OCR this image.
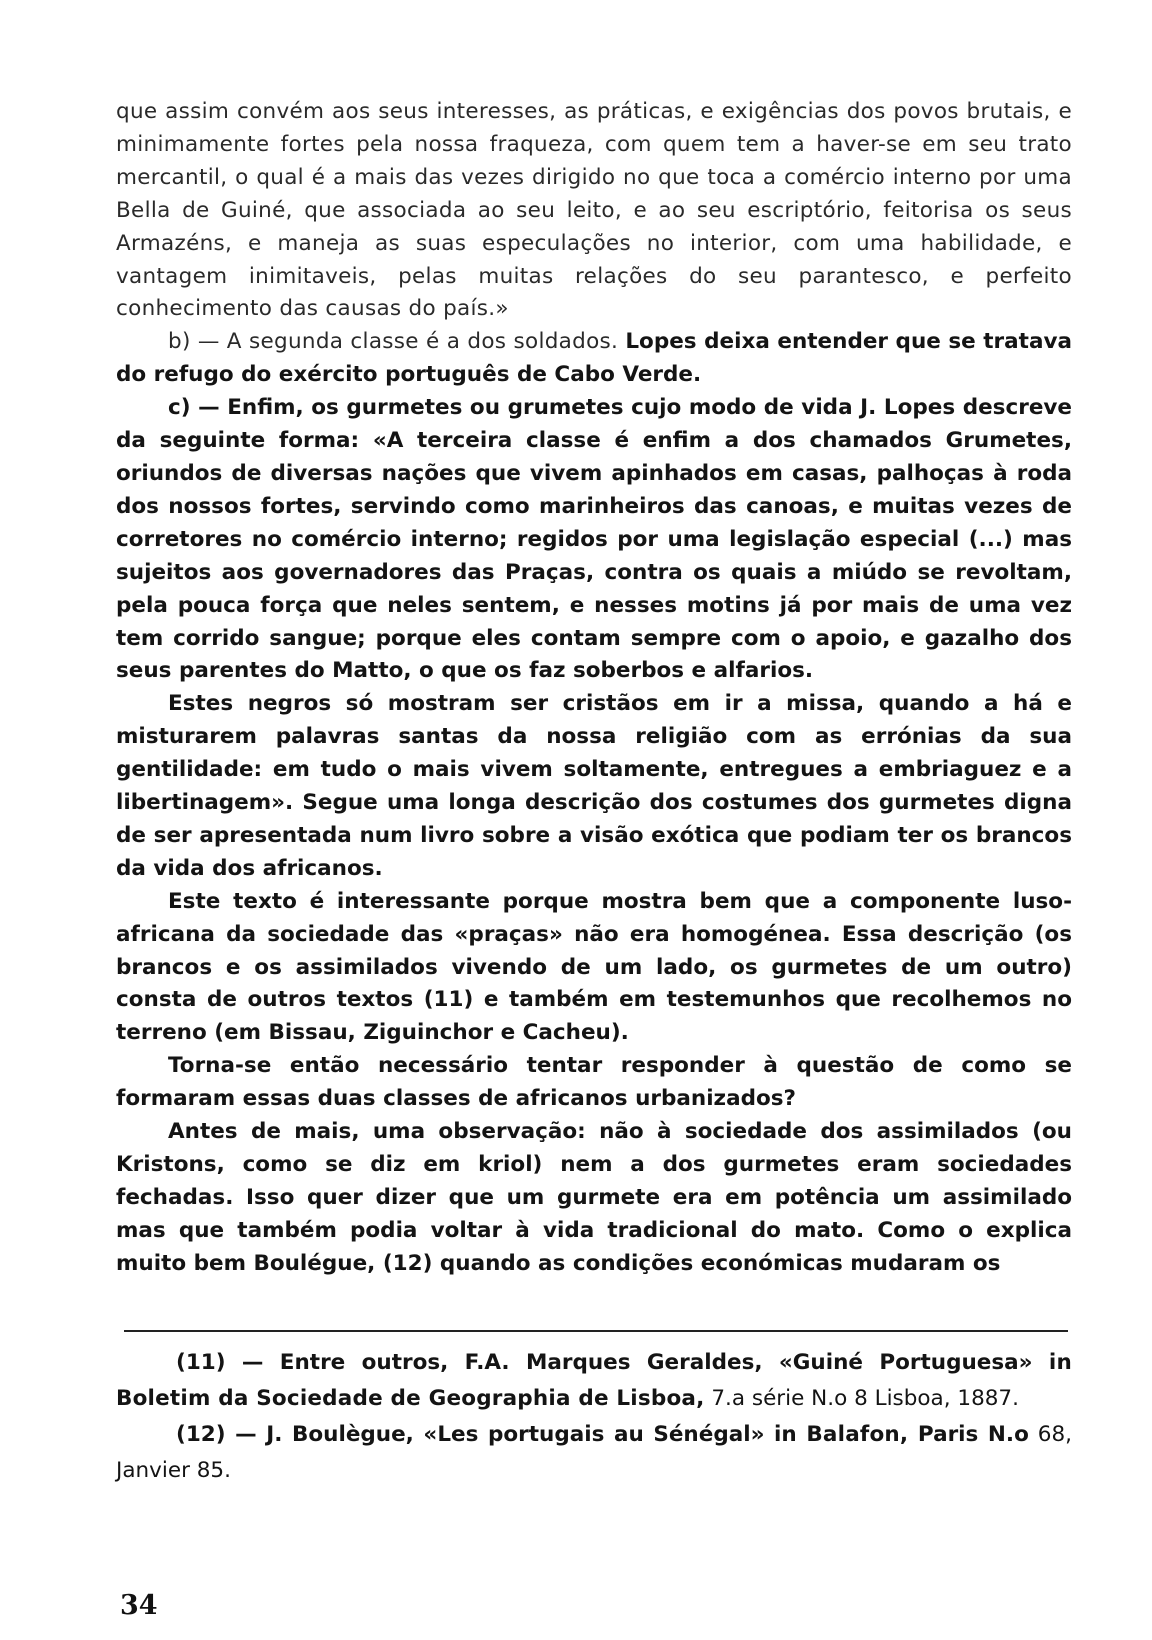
que assim convém aos seus interesses, as práticas, e exigências dos povos brutais, e minimamente fortes pela nossa fraqueza, com quem tem a haver-se em seu trato mercantil, o qual é a mais das vezes dirigido no que toca a comércio interno por uma Bella de Guiné, que associada ao seu leito, e ao seu escriptório, feitorisa os seus Armazéns, e maneja as suas especulações no interior, com uma habilidade, e vantagem inimitaveis, pelas muitas relações do seu parantesco, e perfeito conhecimento das causas do país.»

b) — A segunda classe é a dos soldados. Lopes deixa entender que se tratava do refugo do exército português de Cabo Verde.

c) — Enfim, os gurmetes ou grumetes cujo modo de vida J. Lopes descreve da seguinte forma: «A terceira classe é enfim a dos chamados Grumetes, oriundos de diversas nações que vivem apinhados em casas, palhoças à roda dos nossos fortes, servindo como marinheiros das canoas, e muitas vezes de corretores no comércio interno; regidos por uma legislação especial (...) mas sujeitos aos governadores das Praças, contra os quais a miúdo se revoltam, pela pouca força que neles sentem, e nesses motins já por mais de uma vez tem corrido sangue; porque eles contam sempre com o apoio, e gazalho dos seus parentes do Matto, o que os faz soberbos e alfarios.

Estes negros só mostram ser cristãos em ir a missa, quando a há e misturarem palavras santas da nossa religião com as errónias da sua gentilidade: em tudo o mais vivem soltamente, entregues a embriaguez e a libertinagem». Segue uma longa descrição dos costumes dos gurmetes digna de ser apresentada num livro sobre a visão exótica que podiam ter os brancos da vida dos africanos.

Este texto é interessante porque mostra bem que a componente luso-africana da sociedade das «praças» não era homogénea. Essa descrição (os brancos e os assimilados vivendo de um lado, os gurmetes de um outro) consta de outros textos (11) e também em testemunhos que recolhemos no terreno (em Bissau, Ziguinchor e Cacheu).

Torna-se então necessário tentar responder à questão de como se formaram essas duas classes de africanos urbanizados?

Antes de mais, uma observação: não à sociedade dos assimilados (ou Kristons, como se diz em kriol) nem a dos gurmetes eram sociedades fechadas. Isso quer dizer que um gurmete era em potência um assimilado mas que também podia voltar à vida tradicional do mato. Como o explica muito bem Boulégue, (12) quando as condições económicas mudaram os

(11) — Entre outros, F.A. Marques Geraldes, «Guiné Portuguesa» in Boletim da Sociedade de Geographia de Lisboa, 7.a série N.o 8 Lisboa, 1887.

(12) — J. Boulègue, «Les portugais au Sénégal» in Balafon, Paris N.o 68, Janvier 85.

34
